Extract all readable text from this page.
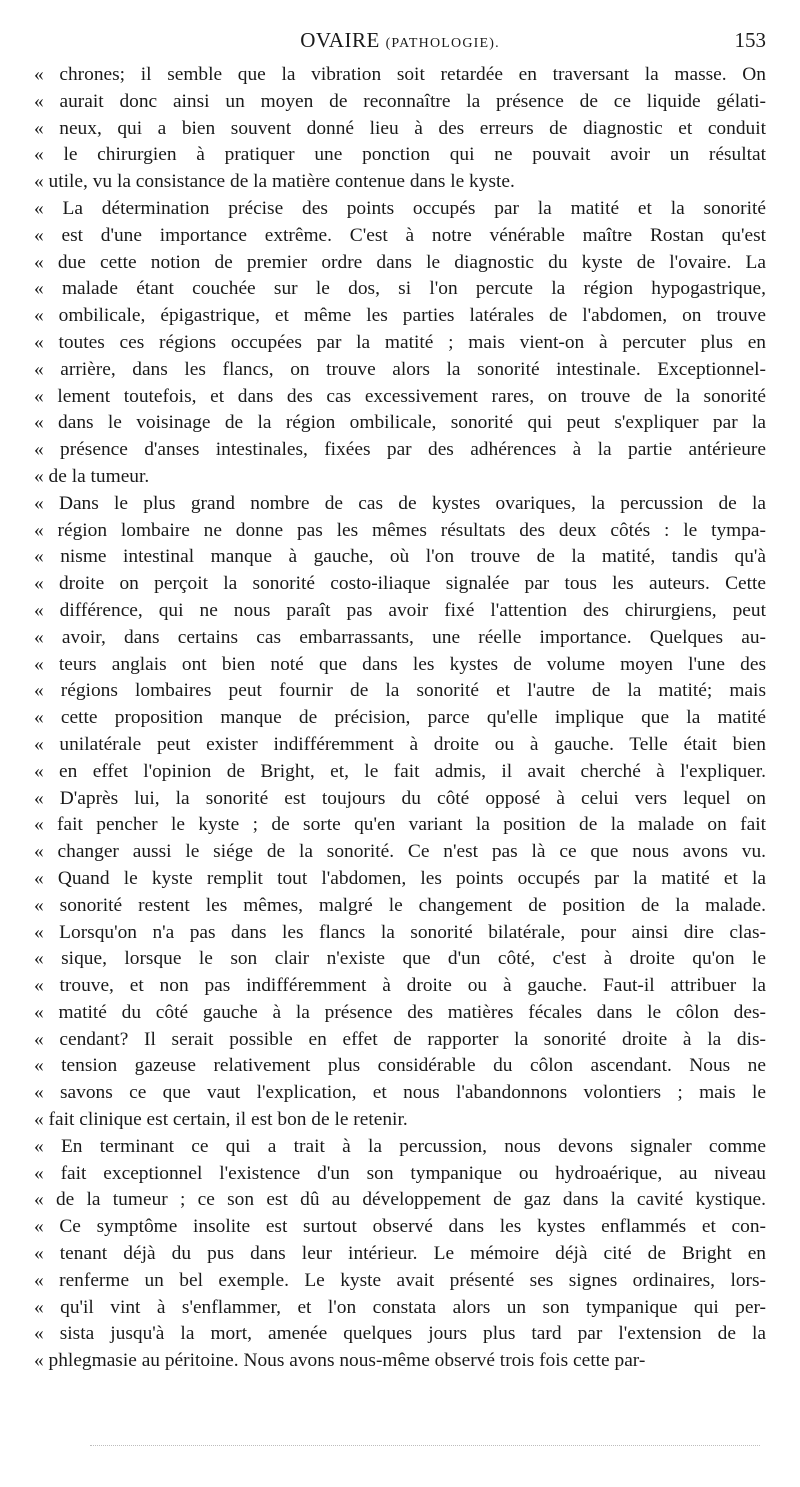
OVAIRE (PATHOLOGIE).	153
« chrones; il semble que la vibration soit retardée en traversant la masse. On
« aurait donc ainsi un moyen de reconnaître la présence de ce liquide gélati-
« neux, qui a bien souvent donné lieu à des erreurs de diagnostic et conduit
« le chirurgien à pratiquer une ponction qui ne pouvait avoir un résultat
« utile, vu la consistance de la matière contenue dans le kyste.
« La détermination précise des points occupés par la matité et la sonorité
« est d'une importance extrême. C'est à notre vénérable maître Rostan qu'est
« due cette notion de premier ordre dans le diagnostic du kyste de l'ovaire. La
« malade étant couchée sur le dos, si l'on percute la région hypogastrique,
« ombilicale, épigastrique, et même les parties latérales de l'abdomen, on trouve
« toutes ces régions occupées par la matité ; mais vient-on à percuter plus en
« arrière, dans les flancs, on trouve alors la sonorité intestinale. Exceptionnel-
« lement toutefois, et dans des cas excessivement rares, on trouve de la sonorité
« dans le voisinage de la région ombilicale, sonorité qui peut s'expliquer par la
« présence d'anses intestinales, fixées par des adhérences à la partie antérieure
« de la tumeur.
« Dans le plus grand nombre de cas de kystes ovariques, la percussion de la
« région lombaire ne donne pas les mêmes résultats des deux côtés : le tympa-
« nisme intestinal manque à gauche, où l'on trouve de la matité, tandis qu'à
« droite on perçoit la sonorité costo-iliaque signalée par tous les auteurs. Cette
« différence, qui ne nous paraît pas avoir fixé l'attention des chirurgiens, peut
« avoir, dans certains cas embarrassants, une réelle importance. Quelques au-
« teurs anglais ont bien noté que dans les kystes de volume moyen l'une des
« régions lombaires peut fournir de la sonorité et l'autre de la matité; mais
« cette proposition manque de précision, parce qu'elle implique que la matité
« unilatérale peut exister indifféremment à droite ou à gauche. Telle était bien
« en effet l'opinion de Bright, et, le fait admis, il avait cherché à l'expliquer.
« D'après lui, la sonorité est toujours du côté opposé à celui vers lequel on
« fait pencher le kyste ; de sorte qu'en variant la position de la malade on fait
« changer aussi le siége de la sonorité. Ce n'est pas là ce que nous avons vu.
« Quand le kyste remplit tout l'abdomen, les points occupés par la matité et la
« sonorité restent les mêmes, malgré le changement de position de la malade.
« Lorsqu'on n'a pas dans les flancs la sonorité bilatérale, pour ainsi dire clas-
« sique, lorsque le son clair n'existe que d'un côté, c'est à droite qu'on le
« trouve, et non pas indifféremment à droite ou à gauche. Faut-il attribuer la
« matité du côté gauche à la présence des matières fécales dans le côlon des-
« cendant? Il serait possible en effet de rapporter la sonorité droite à la dis-
« tension gazeuse relativement plus considérable du côlon ascendant. Nous ne
« savons ce que vaut l'explication, et nous l'abandonnons volontiers ; mais le
« fait clinique est certain, il est bon de le retenir.
« En terminant ce qui a trait à la percussion, nous devons signaler comme
« fait exceptionnel l'existence d'un son tympanique ou hydroaérique, au niveau
« de la tumeur ; ce son est dû au développement de gaz dans la cavité kystique.
« Ce symptôme insolite est surtout observé dans les kystes enflammés et con-
« tenant déjà du pus dans leur intérieur. Le mémoire déjà cité de Bright en
« renferme un bel exemple. Le kyste avait présenté ses signes ordinaires, lors-
« qu'il vint à s'enflammer, et l'on constata alors un son tympanique qui per-
« sista jusqu'à la mort, amenée quelques jours plus tard par l'extension de la
« phlegmasie au péritoine. Nous avons nous-même observé trois fois cette par-
